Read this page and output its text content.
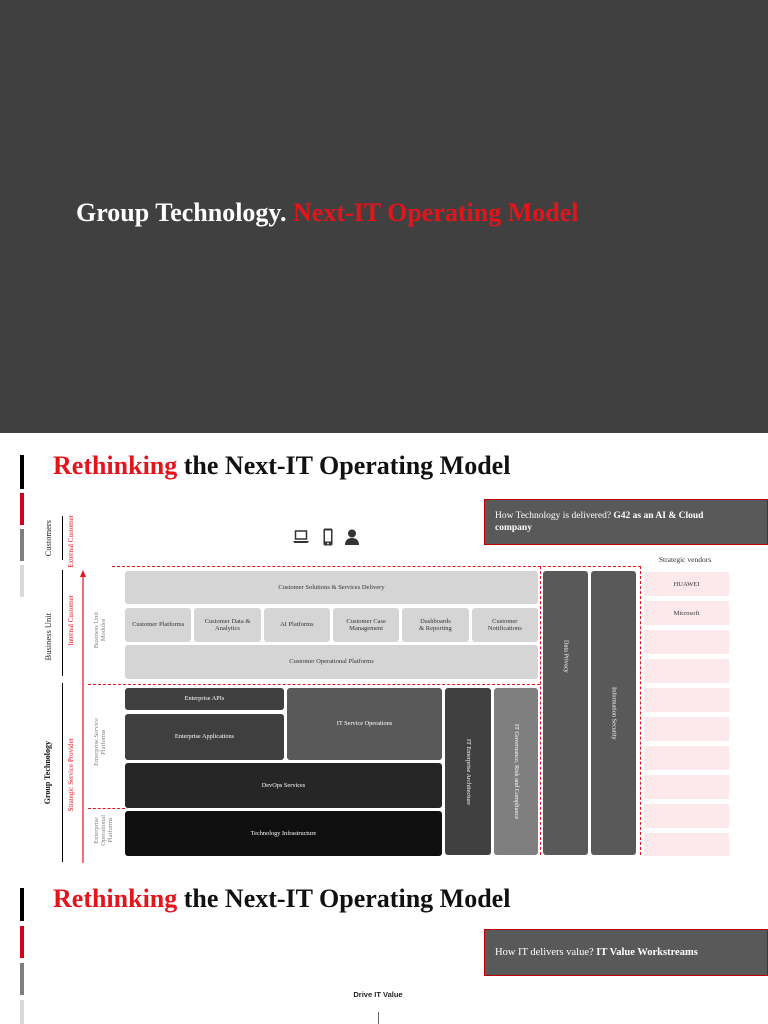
Group Technology. Next-IT Operating Model
Rethinking the Next-IT Operating Model

How Technology is delivered? G42 as an AI & Cloud company

Customers
Business Unit
Group Technology
External Customer
Internal Customer
Strategic Service Provider
Business Unit Modules
Enterprise Service Platforms
Enterprise Operational Platforms
Customer Solutions & Services Delivery
Customer Platforms
Customer Data &
Analytics
AI Platforms
Customer Case
Management
Dashboards
& Reporting
Customer
Notifications
Customer Operational Platforms
Enterprise APIs
Enterprise Applications
IT Service Operations
DevOps Services
Technology Infrastructure
IT Enterprise Architecture	IT Governance, Risk and Compliance
Data Privacy
Information Security
Strategic vendors
HUAWEI
Microsoft
Rethinking the Next-IT Operating Model

How IT delivers value? IT Value Workstreams

Drive IT Value
